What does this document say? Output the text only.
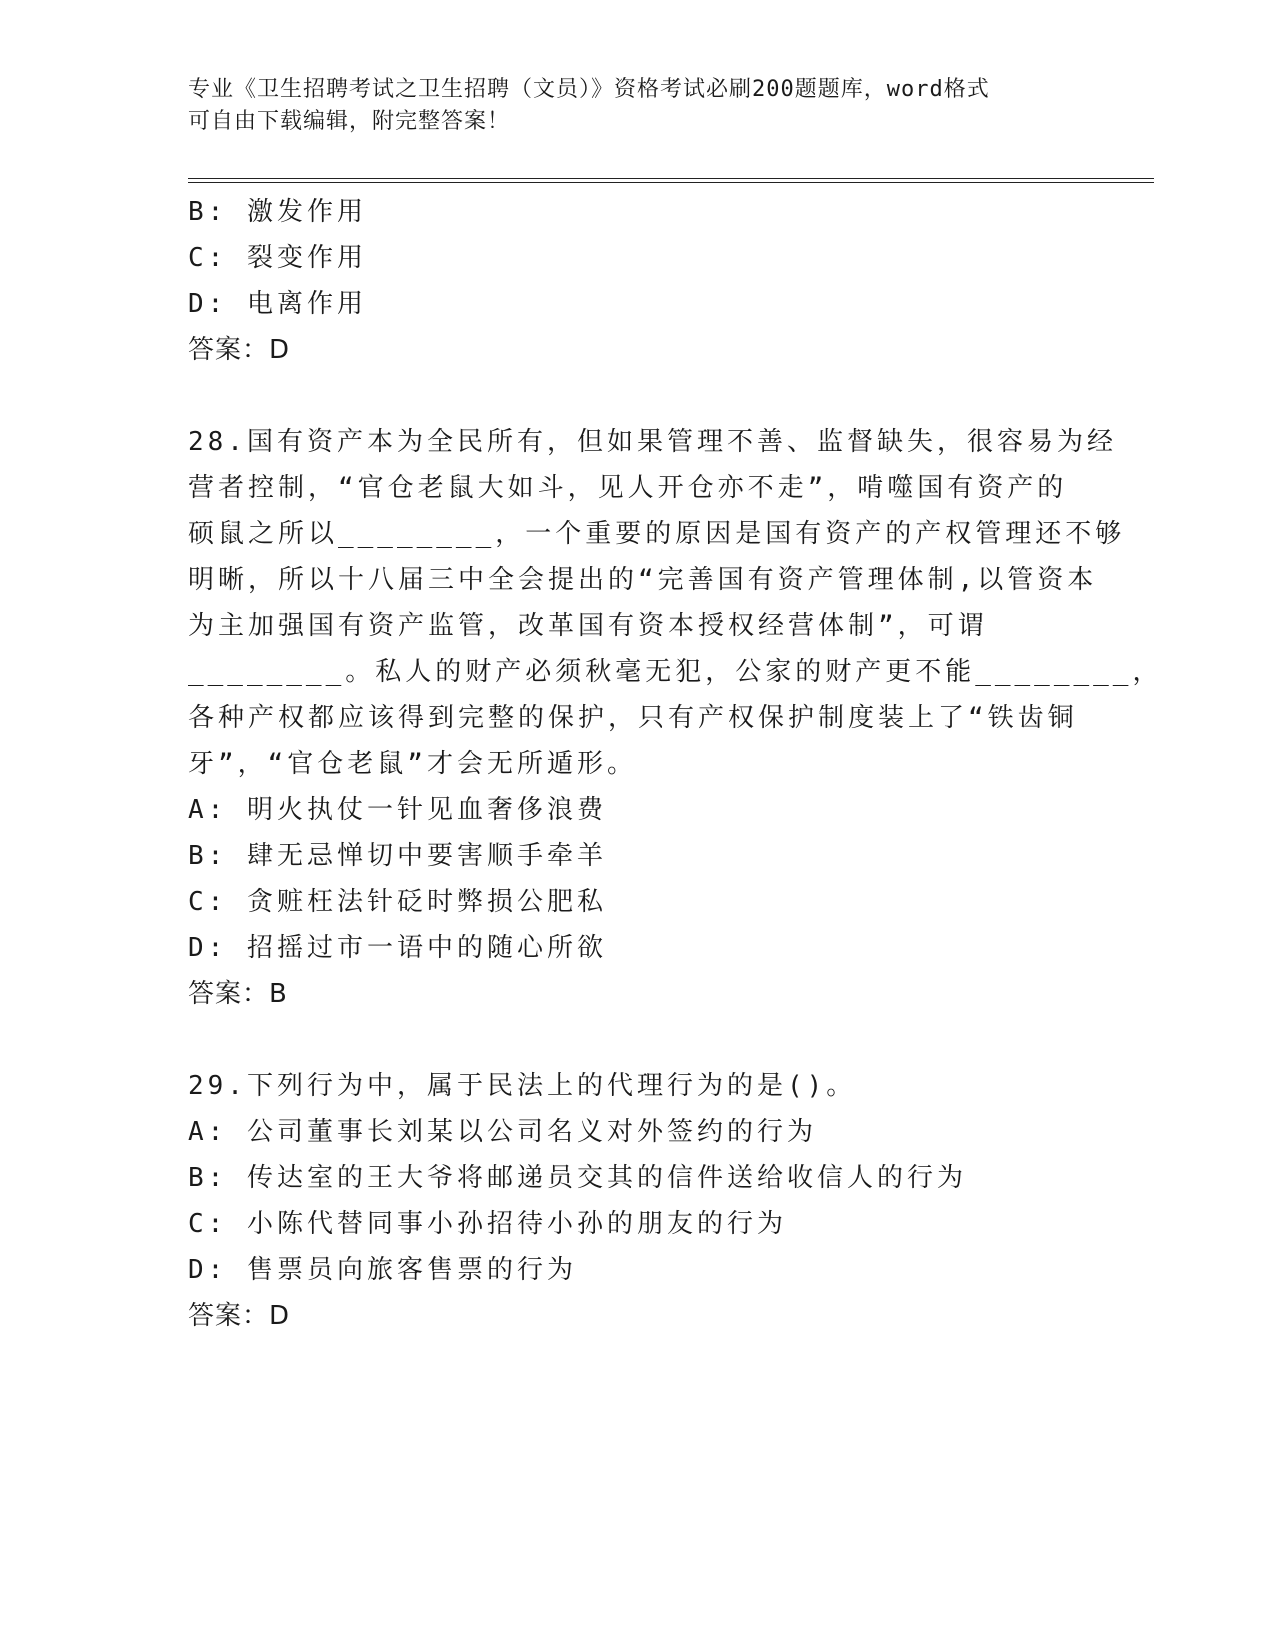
专业《卫生招聘考试之卫生招聘（文员）》资格考试必刷200题题库，word格式
可自由下载编辑，附完整答案！
B: 激发作用
C: 裂变作用
D: 电离作用
答案：D
28.国有资产本为全民所有，但如果管理不善、监督缺失，很容易为经
营者控制，“官仓老鼠大如斗，见人开仓亦不走”，啃噬国有资产的
硕鼠之所以________，一个重要的原因是国有资产的产权管理还不够
明晰，所以十八届三中全会提出的“完善国有资产管理体制,以管资本
为主加强国有资产监管，改革国有资本授权经营体制”，可谓
________。私人的财产必须秋毫无犯，公家的财产更不能________，
各种产权都应该得到完整的保护，只有产权保护制度装上了“铁齿铜
牙”，“官仓老鼠”才会无所遁形。
A: 明火执仗一针见血奢侈浪费
B: 肆无忌惮切中要害顺手牵羊
C: 贪赃枉法针砭时弊损公肥私
D: 招摇过市一语中的随心所欲
答案：B
29.下列行为中，属于民法上的代理行为的是()。
A: 公司董事长刘某以公司名义对外签约的行为
B: 传达室的王大爷将邮递员交其的信件送给收信人的行为
C: 小陈代替同事小孙招待小孙的朋友的行为
D: 售票员向旅客售票的行为
答案：D
